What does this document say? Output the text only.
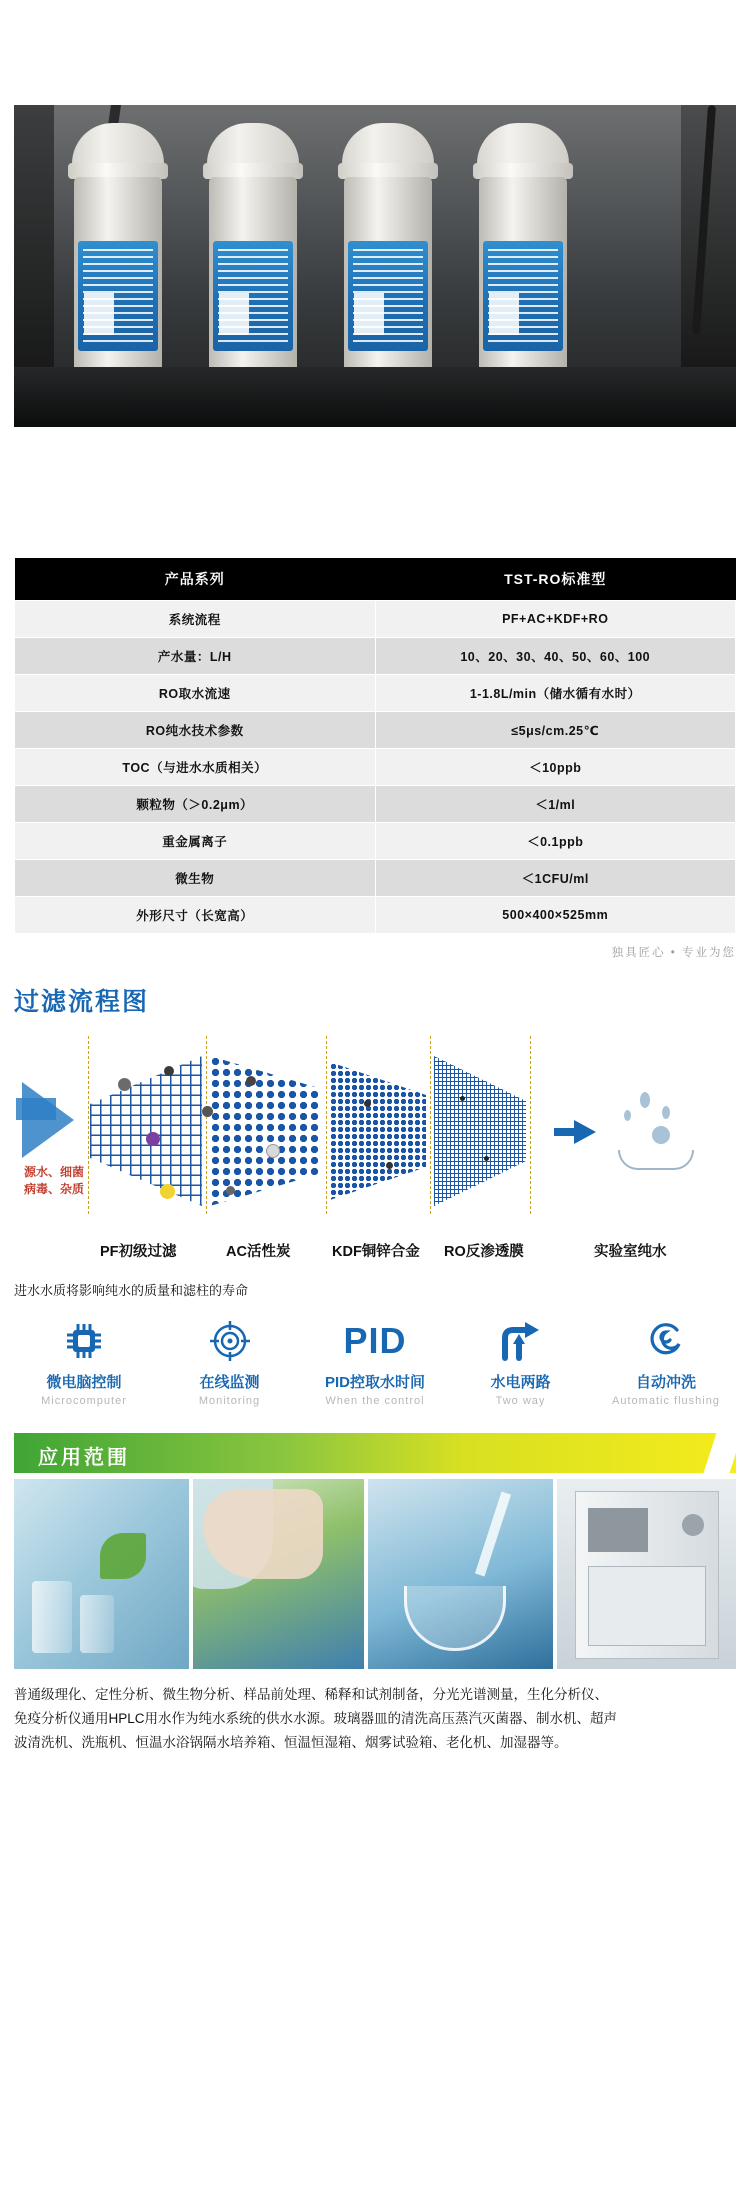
产品系列	TST-RO标准型
系统流程	PF+AC+KDF+RO
产水量：L/H	10、20、30、40、50、60、100
RO取水流速	1-1.8L/min（储水循有水时）
RO纯水技术参数	≤5μs/cm.25℃
TOC（与进水水质相关）	＜10ppb
颗粒物（＞0.2μm）	＜1/ml
重金属离子	＜0.1ppb
微生物	＜1CFU/ml
外形尺寸（长宽高）	500×400×525mm
独具匠心 • 专业为您
过滤流程图
源水、细菌
病毒、杂质
PF初级过滤	AC活性炭	KDF铜锌合金 RO反渗透膜	实验室纯水
进水水质将影响纯水的质量和滤柱的寿命
微电脑控制
Microcomputer
在线监测
Monitoring
PID
PID控取水时间
When the control
水电两路
Two way
自动冲洗
Automatic flushing
应用范围
普通级理化、定性分析、微生物分析、样品前处理、稀释和试剂制备，分光光谱测量，生化分析仪、
免疫分析仪通用HPLC用水作为纯水系统的供水水源。玻璃器皿的清洗高压蒸汽灭菌器、制水机、超声
波清洗机、洗瓶机、恒温水浴锅隔水培养箱、恒温恒湿箱、烟雾试验箱、老化机、加湿器等。
